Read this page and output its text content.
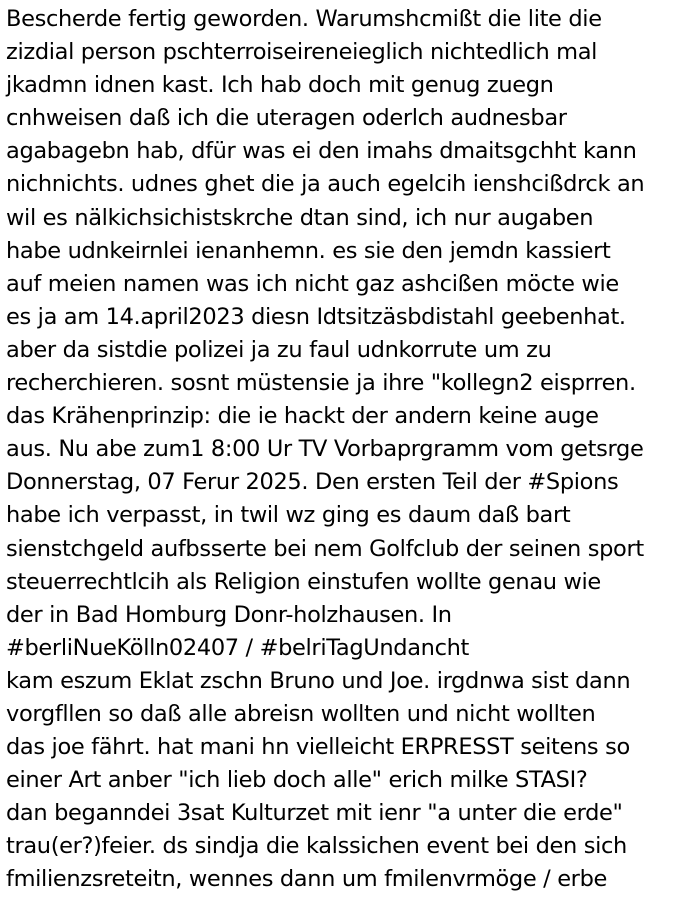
Bescherde fertig geworden. Warumshcmißt die lite die
zizdial person pschterroiseireneieglich nichtedlich mal
jkadmn idnen kast. Ich hab doch mit genug zuegn
cnhweisen daß ich die uteragen oderlch audnesbar
agabagebn hab, dfür was ei den imahs dmaitsgchht kann
nichnichts. udnes ghet die ja auch egelcih ienshcißdrck an
wil es nälkichsichistskrche dtan sind, ich nur augaben
habe udnkeirnlei ienanhemn. es sie den jemdn kassiert
auf meien namen was ich nicht gaz ashcißen möcte wie
es ja am 14.april2023 diesn Idtsitzäsbdistahl geebenhat.
aber da sistdie polizei ja zu faul udnkorrute um zu
recherchieren. sosnt müstensie ja ihre "kollegn2 eisprren.
das Krähenprinzip: die ie hackt der andern keine auge
aus. Nu abe zum1 8:00 Ur TV Vorbaprgramm vom getsrge
Donnerstag, 07 Ferur 2025. Den ersten Teil der #Spions
habe ich verpasst, in twil wz ging es daum daß bart
sienstchgeld aufbsserte bei nem Golfclub der seinen sport
steuerrechtlcih als Religion einstufen wollte genau wie
der in Bad Homburg Donr-holzhausen. In
#berliNueKölln02407 / #belriTagUndancht
kam eszum Eklat zschn Bruno und Joe. irgdnwa sist dann
vorgfllen so daß alle abreisn wollten und nicht wollten
das joe fährt. hat mani hn vielleicht ERPRESST seitens so
einer Art anber "ich lieb doch alle" erich milke STASI?
dan beganndei 3sat Kulturzet mit ienr "a unter die erde"
trau(er?)feier. ds sindja die kalssichen event bei den sich
fmilienzsreteitn, wennes dann um fmilenvrmöge / erbe
